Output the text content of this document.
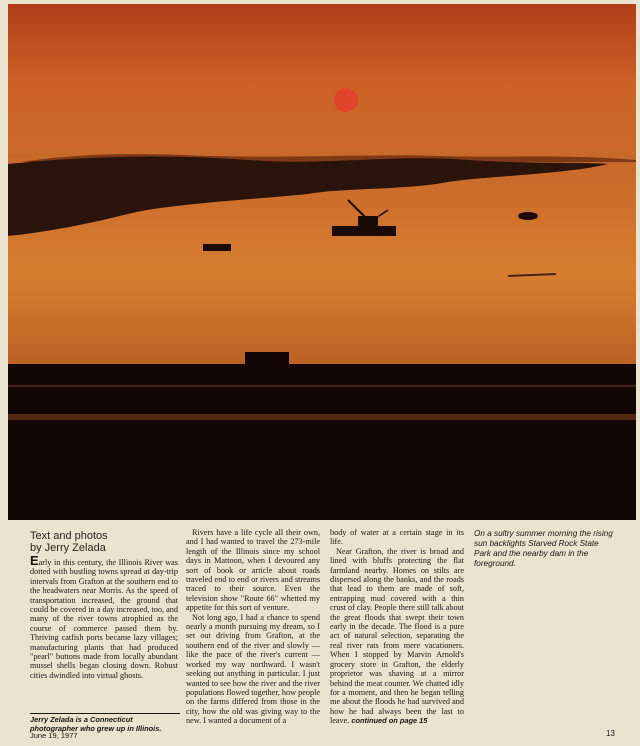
Text and photos
by Jerry Zelada

Early in this century, the Illinois River was dotted with bustling towns spread at day-trip intervals from Grafton at the southern end to the headwaters near Morris. As the speed of transportation increased, the ground that could be covered in a day increased, too, and many of the river towns atrophied as the course of commerce passed them by. Thriving catfish ports became lazy villages; manufacturing plants that had produced "pearl" buttons made from locally abundant mussel shells began closing down. Robust cities dwindled into virtual ghosts.

Rivers have a life cycle all their own, and I had wanted to travel the 273-mile length of the Illinois since my school days in Mattoon, when I devoured any sort of book or article about roads traveled end to end or rivers and streams traced to their source. Even the television show "Route 66" whetted my appetite for this sort of venture.

Not long ago, I had a chance to spend nearly a month pursuing my dream, so I set out driving from Grafton, at the southern end of the river and slowly — like the pace of the river's current — worked my way northward. I wasn't seeking out anything in particular. I just wanted to see how the river and the river populations flowed together, how people on the farms differed from those in the city, how the old was giving way to the new. I wanted a document of a

body of water at a certain stage in its life.

Near Grafton, the river is broad and lined with bluffs protecting the flat farmland nearby. Homes on stilts are dispersed along the banks, and the roads that lead to them are made of soft, entrapping mud covered with a thin crust of clay. People there still talk about the great floods that swept their town early in the decade. The flood is a pure act of natural selection, separating the real river rats from mere vacationers. When I stopped by Marvin Arnold's grocery store in Grafton, the elderly proprietor was shaving at a mirror behind the meat counter. We chatted idly for a moment, and then he began telling me about the floods he had survived and how he had always been the last to leave. continued on page 15

Jerry Zelada is a Connecticut photographer who grew up in Illinois.
On a sultry summer morning the rising sun backlights Starved Rock State Park and the nearby dam in the foreground.
June 19, 1977	13
